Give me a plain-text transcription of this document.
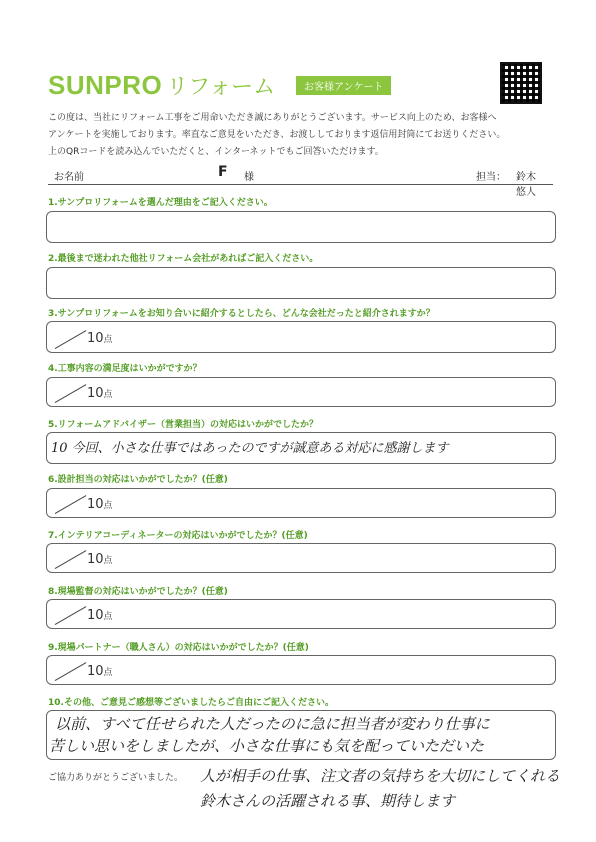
SUNPRO リフォーム	お客様アンケート
この度は、当社にリフォーム工事をご用命いただき誠にありがとうございます。サービス向上のため、お客様へ
アンケートを実施しております。率直なご意見をいただき、お渡ししております返信用封筒にてお送りください。
上のQRコードを読み込んでいただくと、インターネットでもご回答いただけます。
お名前	F 様	担当： 鈴木　悠人
1.サンプロリフォームを選んだ理由をご記入ください。
2.最後まで迷われた他社リフォーム会社があればご記入ください。
3.サンプロリフォームをお知り合いに紹介するとしたら、どんな会社だったと紹介されますか？
10点
4.工事内容の満足度はいかがですか？
10点
5.リフォームアドバイザー（営業担当）の対応はいかがでしたか？
10 今回、小さな仕事ではあったのですが誠意ある対応に感謝します
6.設計担当の対応はいかがでしたか？(任意)
10点
7.インテリアコーディネーターの対応はいかがでしたか？(任意)
10点
8.現場監督の対応はいかがでしたか？(任意)
10点
9.現場パートナー（職人さん）の対応はいかがでしたか？(任意)
10点
10.その他、ご意見ご感想等ございましたらご自由にご記入ください。
以前、すべて任せられた人だったのに急に担当者が変わり仕事に
苦しい思いをしましたが、小さな仕事にも気を配っていただいた
人が相手の仕事、注文者の気持ちを大切にしてくれる
鈴木さんの活躍される事、期待します
ご協力ありがとうございました。
